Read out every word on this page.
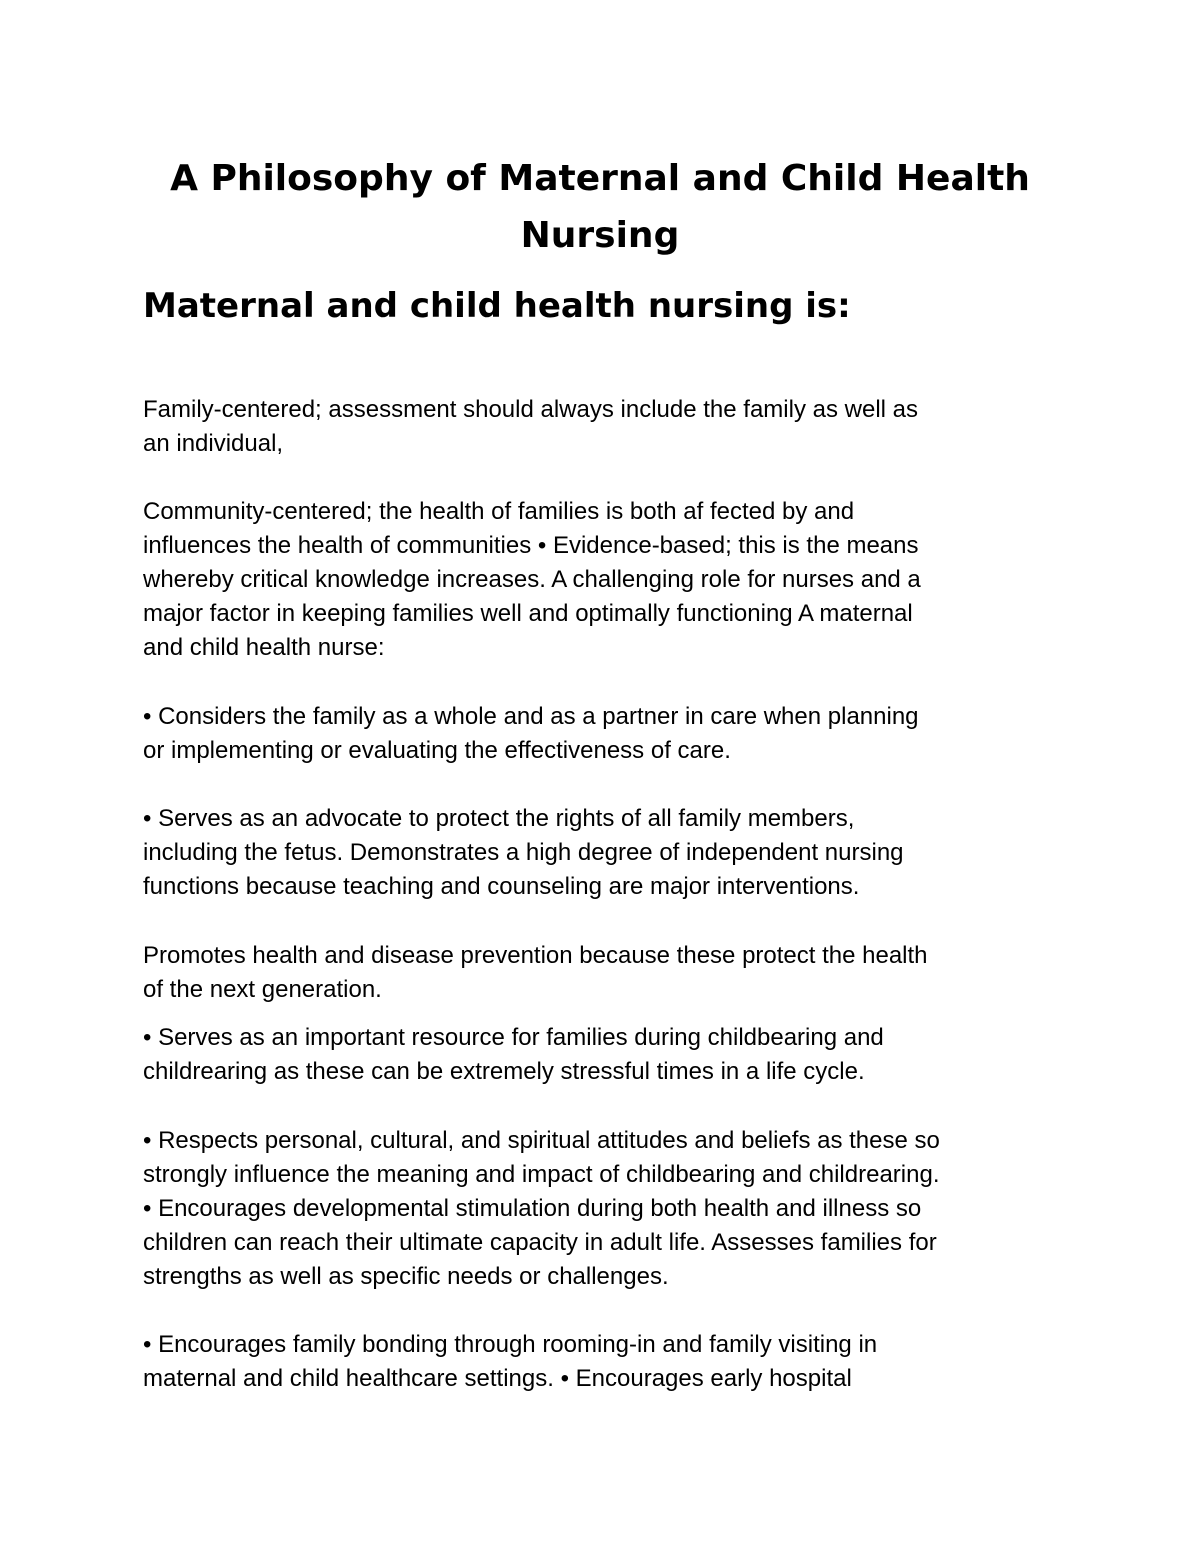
A Philosophy of Maternal and Child Health Nursing
Maternal and child health nursing is:

Family-centered; assessment should always include the family as well as
an individual,

Community-centered; the health of families is both af fected by and
influences the health of communities • Evidence-based; this is the means
whereby critical knowledge increases. A challenging role for nurses and a
major factor in keeping families well and optimally functioning A maternal
and child health nurse:

• Considers the family as a whole and as a partner in care when planning
or implementing or evaluating the effectiveness of care.

• Serves as an advocate to protect the rights of all family members,
including the fetus. Demonstrates a high degree of independent nursing
functions because teaching and counseling are major interventions.

Promotes health and disease prevention because these protect the health
of the next generation.

• Serves as an important resource for families during childbearing and
childrearing as these can be extremely stressful times in a life cycle.

• Respects personal, cultural, and spiritual attitudes and beliefs as these so
strongly influence the meaning and impact of childbearing and childrearing.
• Encourages developmental stimulation during both health and illness so
children can reach their ultimate capacity in adult life. Assesses families for
strengths as well as specific needs or challenges.

• Encourages family bonding through rooming-in and family visiting in
maternal and child healthcare settings. • Encourages early hospital
